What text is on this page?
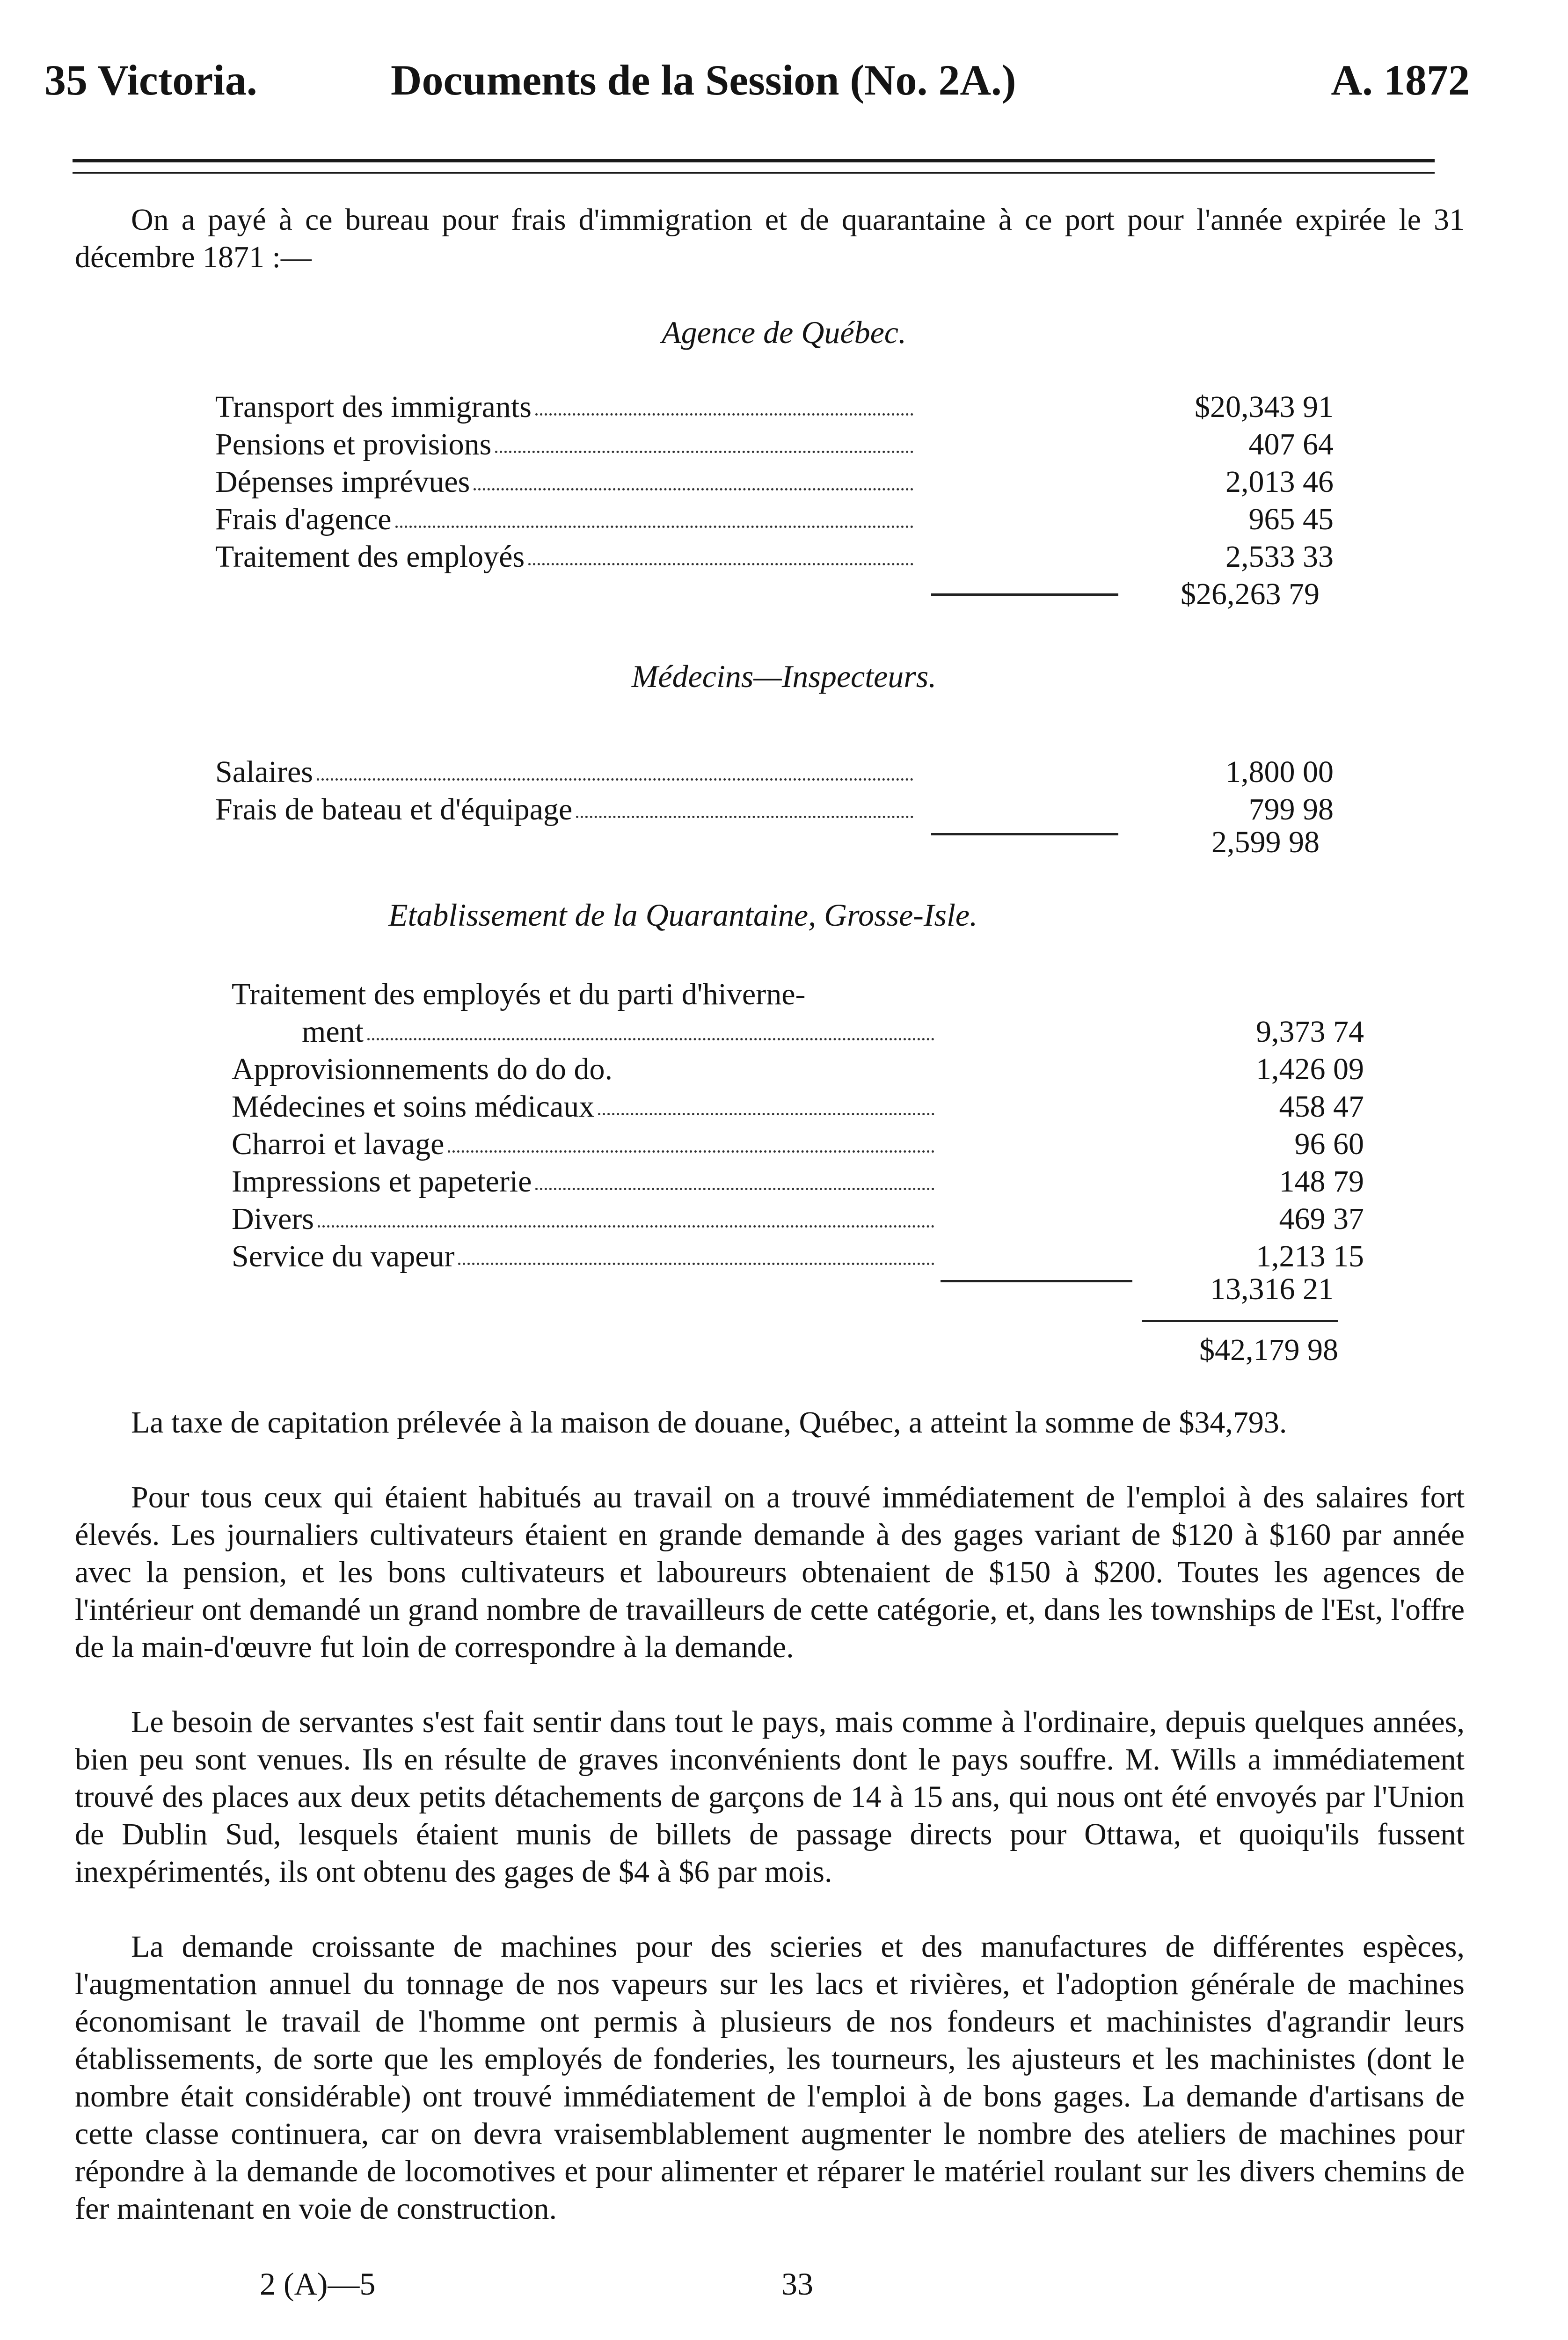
35 Victoria.	Documents de la Session (No. 2A.)	A. 1872
On a payé à ce bureau pour frais d'immigration et de quarantaine à ce port pour l'année expirée le 31 décembre 1871 :—
Agence de Québec.
Transport des immigrants	$20,343 91
Pensions et provisions	407 64
Dépenses imprévues	2,013 46
Frais d'agence	965 45
Traitement des employés	2,533 33
$26,263 79
Médecins—Inspecteurs.
Salaires	1,800 00
Frais de bateau et d'équipage	799 98
2,599 98
Etablissement de la Quarantaine, Grosse-Isle.
Traitement des employés et du parti d'hiverne-
ment	9,373 74
Approvisionnements do do do.	1,426 09
Médecines et soins médicaux	458 47
Charroi et lavage	96 60
Impressions et papeterie	148 79
Divers	469 37
Service du vapeur	1,213 15
13,316 21
$42,179 98
La taxe de capitation prélevée à la maison de douane, Québec, a atteint la somme de $34,793.
Pour tous ceux qui étaient habitués au travail on a trouvé immédiatement de l'emploi à des salaires fort élevés. Les journaliers cultivateurs étaient en grande demande à des gages variant de $120 à $160 par année avec la pension, et les bons cultivateurs et laboureurs obtenaient de $150 à $200. Toutes les agences de l'intérieur ont demandé un grand nombre de travailleurs de cette catégorie, et, dans les townships de l'Est, l'offre de la main-d'œuvre fut loin de correspondre à la demande.
Le besoin de servantes s'est fait sentir dans tout le pays, mais comme à l'ordinaire, depuis quelques années, bien peu sont venues. Ils en résulte de graves inconvénients dont le pays souffre. M. Wills a immédiatement trouvé des places aux deux petits détachements de garçons de 14 à 15 ans, qui nous ont été envoyés par l'Union de Dublin Sud, lesquels étaient munis de billets de passage directs pour Ottawa, et quoiqu'ils fussent inexpérimentés, ils ont obtenu des gages de $4 à $6 par mois.
La demande croissante de machines pour des scieries et des manufactures de différentes espèces, l'augmentation annuel du tonnage de nos vapeurs sur les lacs et rivières, et l'adoption générale de machines économisant le travail de l'homme ont permis à plusieurs de nos fondeurs et machinistes d'agrandir leurs établissements, de sorte que les employés de fonderies, les tourneurs, les ajusteurs et les machinistes (dont le nombre était considérable) ont trouvé immédiatement de l'emploi à de bons gages. La demande d'artisans de cette classe continuera, car on devra vraisemblablement augmenter le nombre des ateliers de machines pour répondre à la demande de locomotives et pour alimenter et réparer le matériel roulant sur les divers chemins de fer maintenant en voie de construction.
2 (A)—5	33
